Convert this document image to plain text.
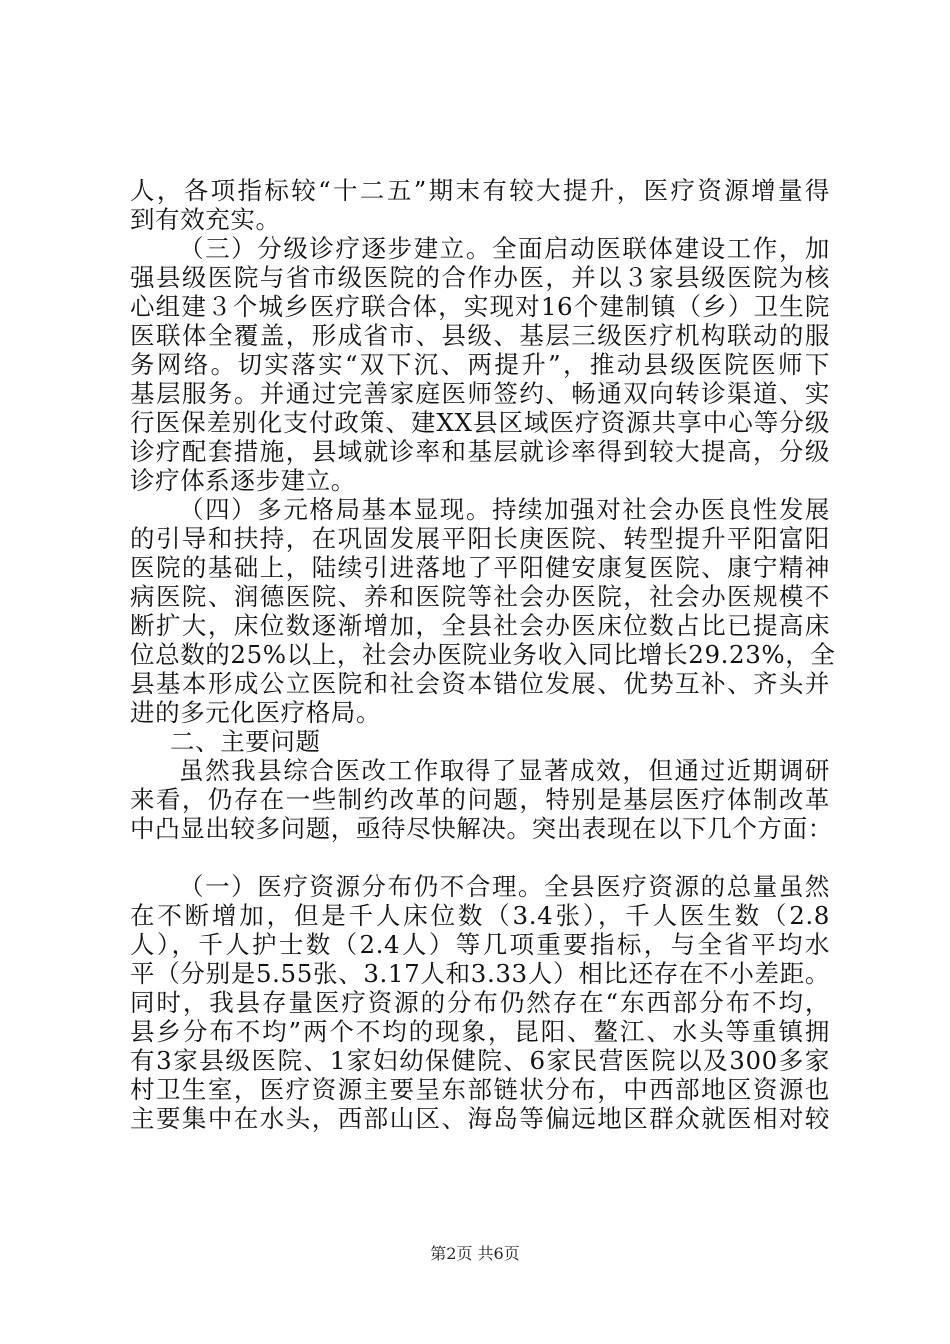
人，各项指标较“十二五”期末有较大提升，医疗资源增量得
到有效充实。
（三）分级诊疗逐步建立。全面启动医联体建设工作，加
强县级医院与省市级医院的合作办医，并以３家县级医院为核
心组建３个城乡医疗联合体，实现对16个建制镇（乡）卫生院
医联体全覆盖，形成省市、县级、基层三级医疗机构联动的服
务网络。切实落实“双下沉、两提升”，推动县级医院医师下
基层服务。并通过完善家庭医师签约、畅通双向转诊渠道、实
行医保差别化支付政策、建XX县区域医疗资源共享中心等分级
诊疗配套措施，县域就诊率和基层就诊率得到较大提高，分级
诊疗体系逐步建立。
（四）多元格局基本显现。持续加强对社会办医良性发展
的引导和扶持，在巩固发展平阳长庚医院、转型提升平阳富阳
医院的基础上，陆续引进落地了平阳健安康复医院、康宁精神
病医院、润德医院、养和医院等社会办医院，社会办医规模不
断扩大，床位数逐渐增加，全县社会办医床位数占比已提高床
位总数的25%以上，社会办医院业务收入同比增长29.23%，全
县基本形成公立医院和社会资本错位发展、优势互补、齐头并
进的多元化医疗格局。
二、主要问题
虽然我县综合医改工作取得了显著成效，但通过近期调研
来看，仍存在一些制约改革的问题，特别是基层医疗体制改革
中凸显出较多问题，亟待尽快解决。突出表现在以下几个方面：
（一）医疗资源分布仍不合理。全县医疗资源的总量虽然
在不断增加，但是千人床位数（3.4张），千人医生数（2.8
人），千人护士数（2.4人）等几项重要指标，与全省平均水
平（分别是5.55张、3.17人和3.33人）相比还存在不小差距。
同时，我县存量医疗资源的分布仍然存在“东西部分布不均，
县乡分布不均”两个不均的现象，昆阳、鳌江、水头等重镇拥
有3家县级医院、1家妇幼保健院、6家民营医院以及300多家
村卫生室，医疗资源主要呈东部链状分布，中西部地区资源也
主要集中在水头，西部山区、海岛等偏远地区群众就医相对较
第2页 共6页
